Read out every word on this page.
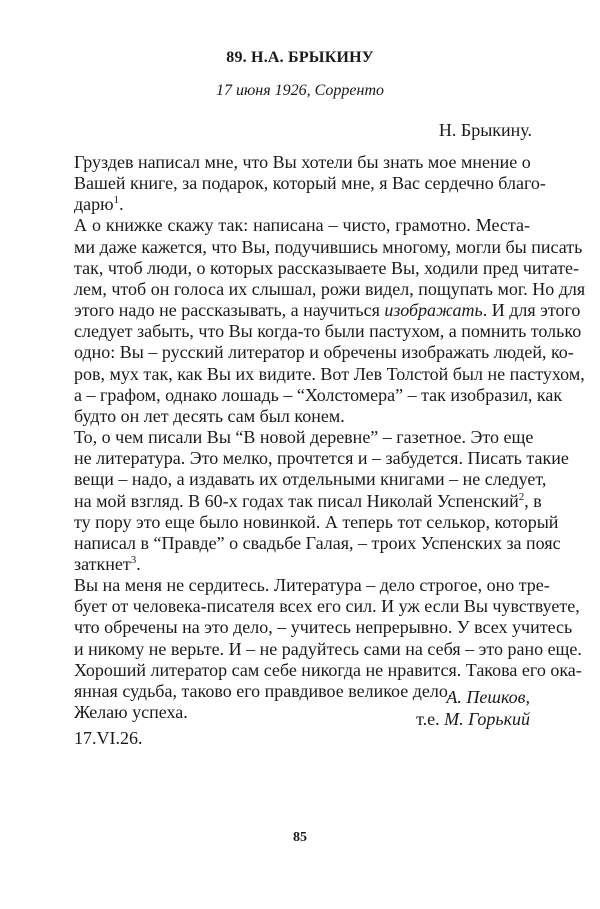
89. Н.А. БРЫКИНУ

17 июня 1926, Сорренто

Н. Брыкину.

Груздев написал мне, что Вы хотели бы знать мое мнение о
Вашей книге, за подарок, который мне, я Вас сердечно благо-
дарю$^1$.

А о книжке скажу так: написана – чисто, грамотно. Места-
ми даже кажется, что Вы, подучившись многому, могли бы писать
так, чтоб люди, о которых рассказываете Вы, ходили пред читате-
лем, чтоб он голоса их слышал, рожи видел, пощупать мог. Но для
этого надо не рассказывать, а научиться изображать. И для этого
следует забыть, что Вы когда-то были пастухом, а помнить только
одно: Вы – русский литератор и обречены изображать людей, ко-
ров, мух так, как Вы их видите. Вот Лев Толстой был не пастухом,
а – графом, однако лошадь – “Холстомера” – так изобразил, как
будто он лет десять сам был конем.

То, о чем писали Вы “В новой деревне” – газетное. Это еще
не литература. Это мелко, прочтется и – забудется. Писать такие
вещи – надо, а издавать их отдельными книгами – не следует,
на мой взгляд. В 60-х годах так писал Николай Успенский$^2$, в
ту пору это еще было новинкой. А теперь тот селькор, который
написал в “Правде” о свадьбе Галая, – троих Успенских за пояс
заткнет$^3$.

Вы на меня не сердитесь. Литература – дело строгое, оно тре-
бует от человека-писателя всех его сил. И уж если Вы чувствуете,
что обречены на это дело, – учитесь непрерывно. У всех учитесь
и никому не верьте. И – не радуйтесь сами на себя – это рано еще.
Хороший литератор сам себе никогда не нравится. Такова его ока-
янная судьба, таково его правдивое великое дело.

Желаю успеха.

А. Пешков,
т.е. М. Горький

17.VI.26.

85
